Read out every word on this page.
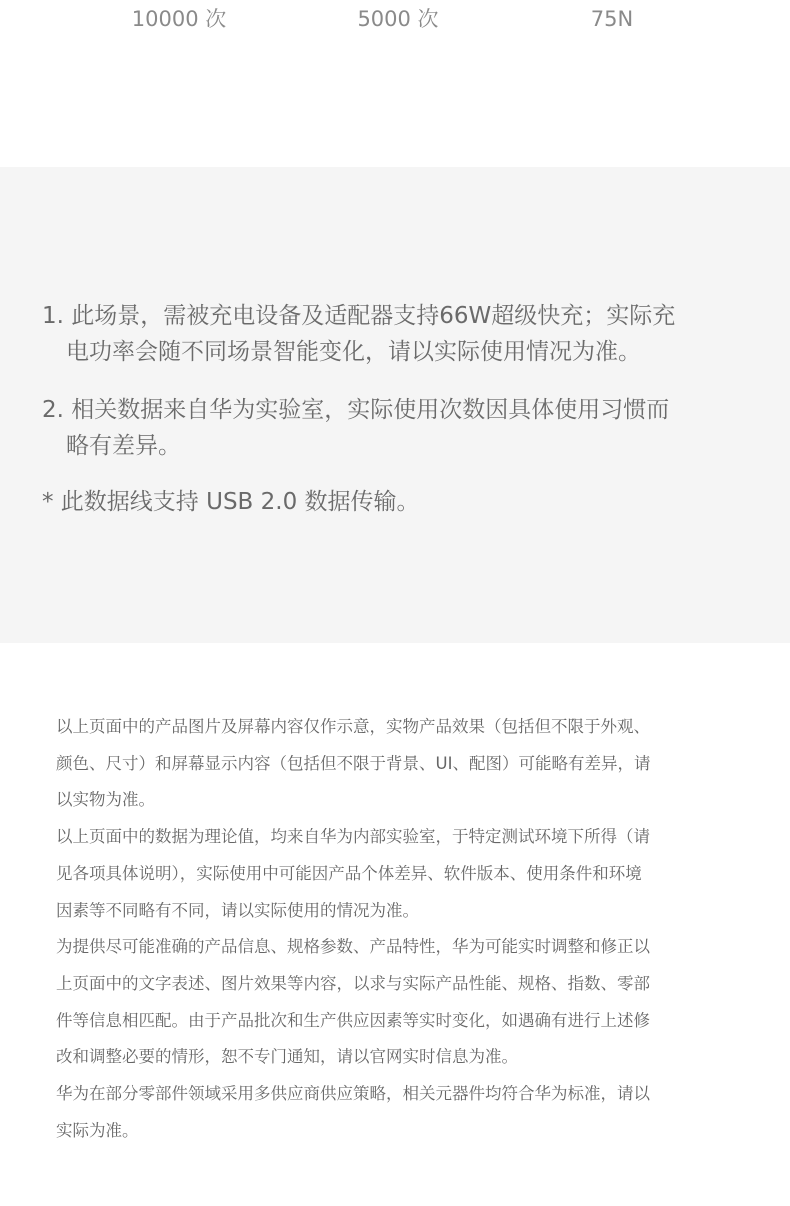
10000 次	5000 次	75N
1. 此场景，需被充电设备及适配器支持66W超级快充；实际充
电功率会随不同场景智能变化，请以实际使用情况为准。
2. 相关数据来自华为实验室，实际使用次数因具体使用习惯而
略有差异。
* 此数据线支持 USB 2.0 数据传输。
以上页面中的产品图片及屏幕内容仅作示意，实物产品效果（包括但不限于外观、
颜色、尺寸）和屏幕显示内容（包括但不限于背景、UI、配图）可能略有差异，请
以实物为准。
以上页面中的数据为理论值，均来自华为内部实验室，于特定测试环境下所得（请
见各项具体说明），实际使用中可能因产品个体差异、软件版本、使用条件和环境
因素等不同略有不同，请以实际使用的情况为准。
为提供尽可能准确的产品信息、规格参数、产品特性，华为可能实时调整和修正以
上页面中的文字表述、图片效果等内容，以求与实际产品性能、规格、指数、零部
件等信息相匹配。由于产品批次和生产供应因素等实时变化，如遇确有进行上述修
改和调整必要的情形，恕不专门通知，请以官网实时信息为准。
华为在部分零部件领域采用多供应商供应策略，相关元器件均符合华为标准，请以
实际为准。
